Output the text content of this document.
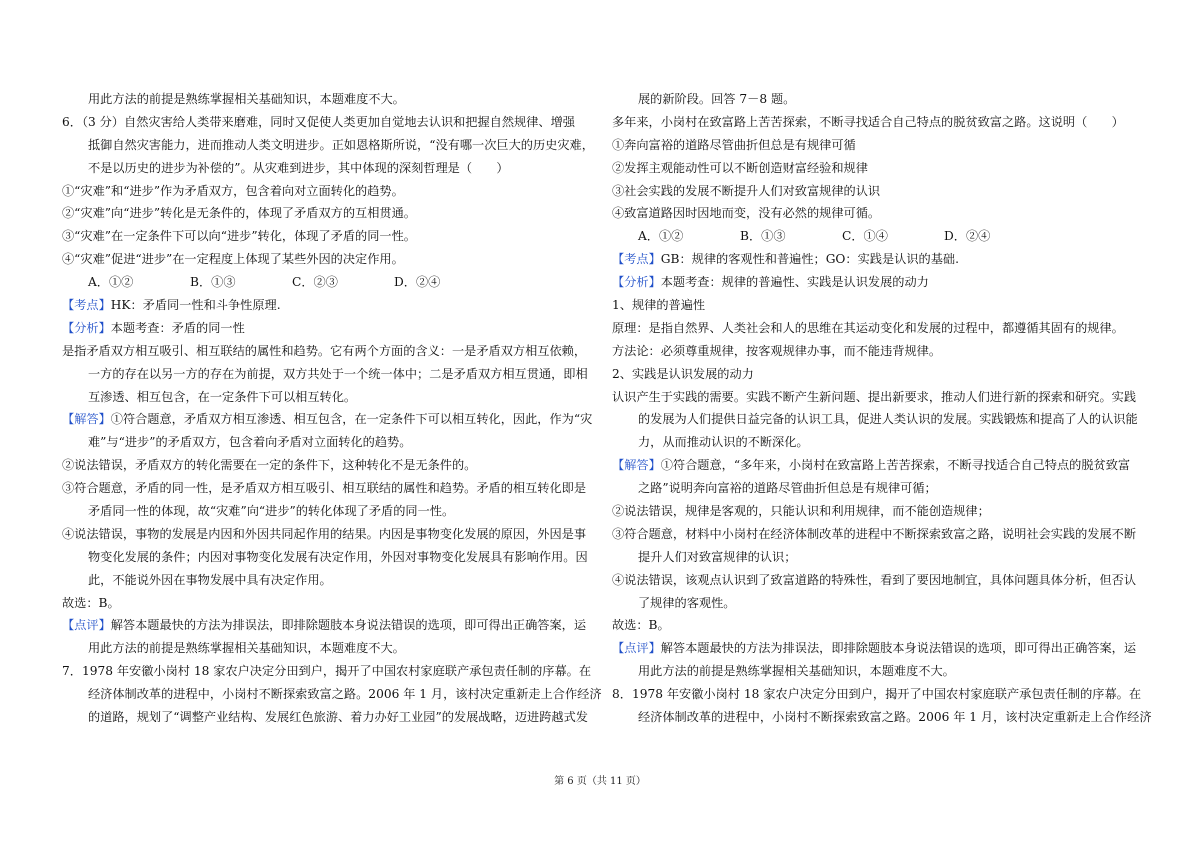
用此方法的前提是熟练掌握相关基础知识，本题难度不大。
6．（3 分）自然灾害给人类带来磨难，同时又促使人类更加自觉地去认识和把握自然规律、增强
抵御自然灾害能力，进而推动人类文明进步。正如恩格斯所说，“没有哪一次巨大的历史灾难，
不是以历史的进步为补偿的”。从灾难到进步，其中体现的深刻哲理是（　　）
①“灾难”和“进步”作为矛盾双方，包含着向对立面转化的趋势。
②“灾难”向“进步”转化是无条件的，体现了矛盾双方的互相贯通。
③“灾难”在一定条件下可以向“进步”转化，体现了矛盾的同一性。
④“灾难”促进“进步”在一定程度上体现了某些外因的决定作用。
A．①②	B．①③	C．②③	D．②④
【考点】HK：矛盾同一性和斗争性原理.
【分析】本题考查：矛盾的同一性
是指矛盾双方相互吸引、相互联结的属性和趋势。它有两个方面的含义：一是矛盾双方相互依赖，
一方的存在以另一方的存在为前提，双方共处于一个统一体中；二是矛盾双方相互贯通，即相
互渗透、相互包含，在一定条件下可以相互转化。
【解答】①符合题意，矛盾双方相互渗透、相互包含，在一定条件下可以相互转化，因此，作为“灾
难”与“进步”的矛盾双方，包含着向矛盾对立面转化的趋势。
②说法错误，矛盾双方的转化需要在一定的条件下，这种转化不是无条件的。
③符合题意，矛盾的同一性，是矛盾双方相互吸引、相互联结的属性和趋势。矛盾的相互转化即是
矛盾同一性的体现，故“灾难”向“进步”的转化体现了矛盾的同一性。
④说法错误，事物的发展是内因和外因共同起作用的结果。内因是事物变化发展的原因，外因是事
物变化发展的条件；内因对事物变化发展有决定作用，外因对事物变化发展具有影响作用。因
此，不能说外因在事物发展中具有决定作用。
故选：B。
【点评】解答本题最快的方法为排误法，即排除题肢本身说法错误的选项，即可得出正确答案，运
用此方法的前提是熟练掌握相关基础知识，本题难度不大。
7．1978 年安徽小岗村 18 家农户决定分田到户，揭开了中国农村家庭联产承包责任制的序幕。在
经济体制改革的进程中，小岗村不断探索致富之路。2006 年 1 月，该村决定重新走上合作经济
的道路，规划了“调整产业结构、发展红色旅游、着力办好工业园”的发展战略，迈进跨越式发
展的新阶段。回答 7－8 题。
多年来，小岗村在致富路上苦苦探索，不断寻找适合自己特点的脱贫致富之路。这说明（　　）
①奔向富裕的道路尽管曲折但总是有规律可循
②发挥主观能动性可以不断创造财富经验和规律
③社会实践的发展不断提升人们对致富规律的认识
④致富道路因时因地而变，没有必然的规律可循。
A．①②	B．①③	C．①④	D．②④
【考点】GB：规律的客观性和普遍性；GO：实践是认识的基础.
【分析】本题考查：规律的普遍性、实践是认识发展的动力
1、规律的普遍性
原理：是指自然界、人类社会和人的思维在其运动变化和发展的过程中，都遵循其固有的规律。
方法论：必须尊重规律，按客观规律办事，而不能违背规律。
2、实践是认识发展的动力
认识产生于实践的需要。实践不断产生新问题、提出新要求，推动人们进行新的探索和研究。实践
的发展为人们提供日益完备的认识工具，促进人类认识的发展。实践锻炼和提高了人的认识能
力，从而推动认识的不断深化。
【解答】①符合题意，“多年来，小岗村在致富路上苦苦探索，不断寻找适合自己特点的脱贫致富
之路”说明奔向富裕的道路尽管曲折但总是有规律可循；
②说法错误，规律是客观的，只能认识和利用规律，而不能创造规律；
③符合题意，材料中小岗村在经济体制改革的进程中不断探索致富之路，说明社会实践的发展不断
提升人们对致富规律的认识；
④说法错误，该观点认识到了致富道路的特殊性，看到了要因地制宜，具体问题具体分析，但否认
了规律的客观性。
故选：B。
【点评】解答本题最快的方法为排误法，即排除题肢本身说法错误的选项，即可得出正确答案，运
用此方法的前提是熟练掌握相关基础知识，本题难度不大。
8．1978 年安徽小岗村 18 家农户决定分田到户，揭开了中国农村家庭联产承包责任制的序幕。在
经济体制改革的进程中，小岗村不断探索致富之路。2006 年 1 月，该村决定重新走上合作经济
第 6 页（共 11 页）
